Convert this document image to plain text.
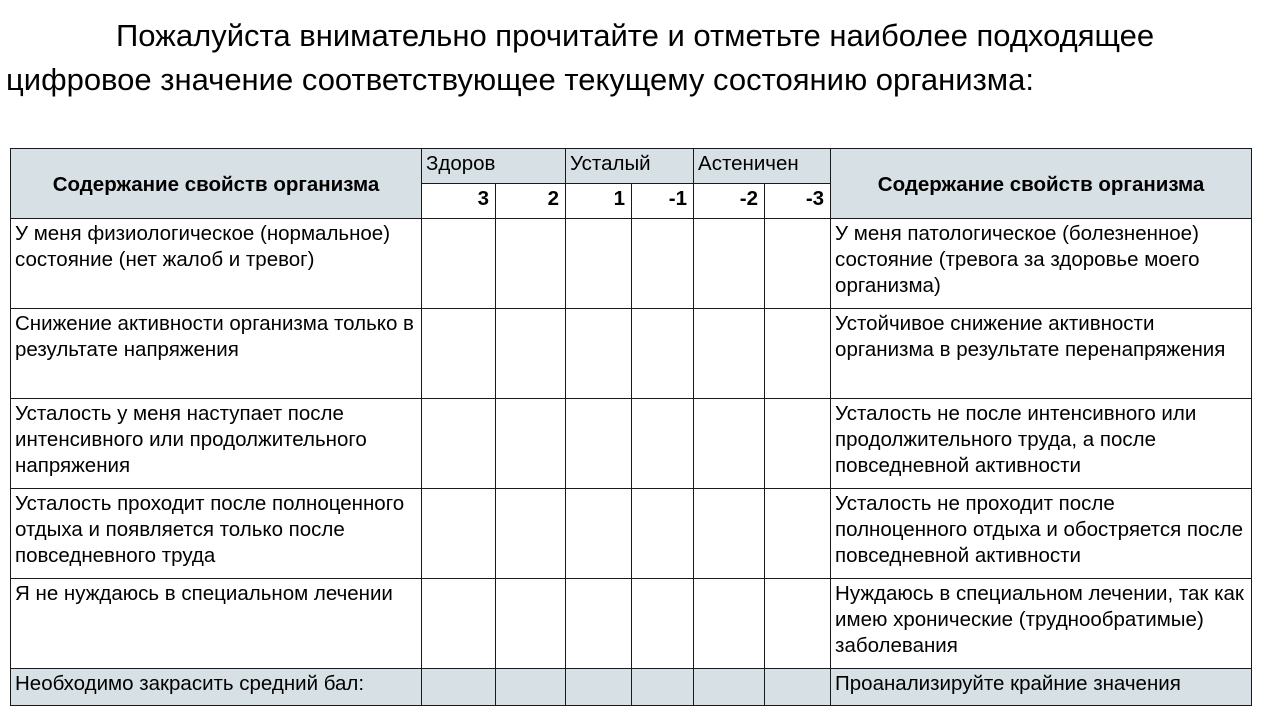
Пожалуйста внимательно прочитайте и отметьте наиболее подходящее цифровое значение соответствующее текущему состоянию организма:

Содержание свойств организма	Здоров		Усталый		Астеничен		Содержание свойств организма
	3	2	1	-1	-2	-3	
У меня физиологическое (нормальное) состояние (нет жалоб и тревог)							У меня патологическое (болезненное) состояние (тревога за здоровье моего организма)
Снижение активности организма только в результате напряжения							Устойчивое снижение активности организма в результате перенапряжения
Усталость у меня наступает после интенсивного или продолжительного напряжения							Усталость не после интенсивного или продолжительного труда, а после повседневной активности
Усталость проходит после полноценного отдыха и появляется только после повседневного труда							Усталость не проходит после полноценного отдыха и обостряется после повседневной активности
Я не нуждаюсь в специальном лечении							Нуждаюсь в специальном лечении, так как имею хронические (труднообратимые) заболевания
Необходимо закрасить средний бал:							Проанализируйте крайние значения
